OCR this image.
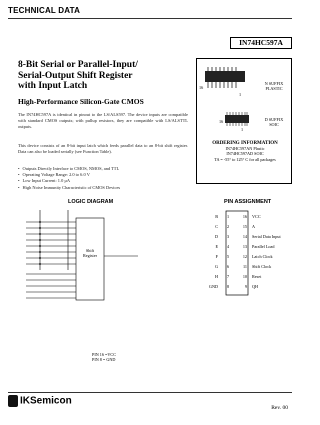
TECHNICAL DATA
IN74HC597A
8-Bit Serial or Parallel-Input/
Serial-Output Shift Register
with Input Latch
High-Performance Silicon-Gate CMOS
The IN74HC597A is identical in pinout to the LS/ALS597. The device inputs are compatible with standard CMOS outputs; with pullup resistors, they are compatible with LS/ALSTTL outputs.
This device consists of an 8-bit input latch which feeds parallel data to an 8-bit shift register. Data can also be loaded serially (see Function Table).
• Outputs Directly Interface to CMOS, NMOS, and TTL
• Operating Voltage Range: 2.0 to 6.0 V
• Low Input Current: 1.0 µA
• High Noise Immunity Characteristic of CMOS Devices
16
1
N SUFFIX
PLASTIC
16
1
D SUFFIX
SOIC
ORDERING INFORMATION
IN74HC597AN Plastic
IN74HC597AD SOIC
TA = -55° to 125° C for all packages
LOGIC DIAGRAM
Shift
Register
PIN 16 =VCC
PIN 8 = GND
PIN ASSIGNMENT
B 1	16 VCC
C 2	15 A
D 3	14 Serial Data Input
E 4	13 Parallel Load
F 5	12 Latch Clock
G 6	11 Shift Clock
H 7	10 Reset
GND 8	9 QH
IKSemicon
Rev. 00
